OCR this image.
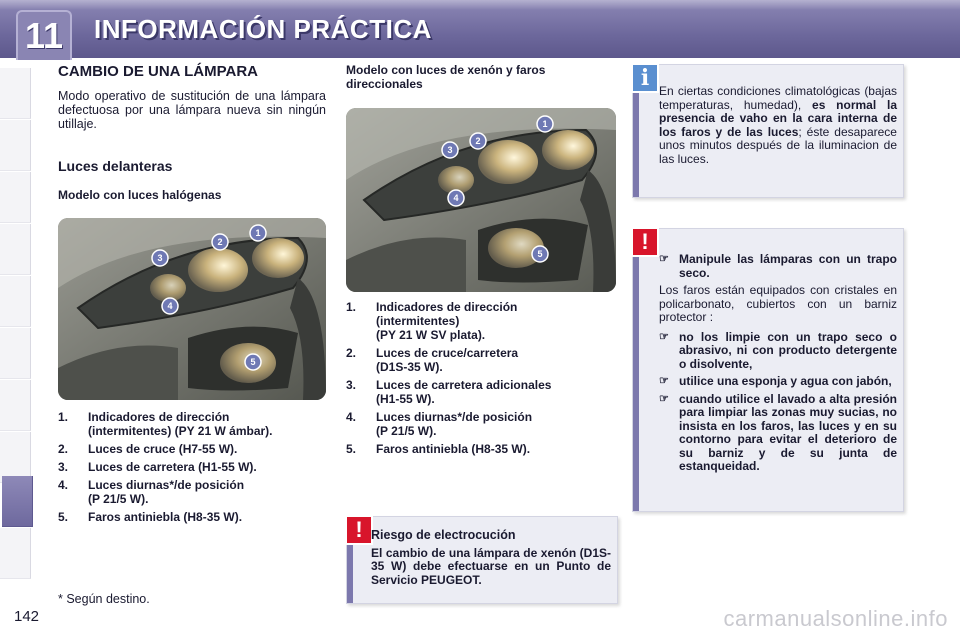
11	INFORMACIÓN PRÁCTICA
CAMBIO DE UNA LÁMPARA
Modo operativo de sustitución de una lámpara defectuosa por una lámpara nueva sin ningún utillaje.
Luces delanteras
Modelo con luces halógenas
1
2
3
4
5
1. Indicadores de dirección
(intermitentes) (PY 21 W ámbar).
2. Luces de cruce (H7-55 W).
3. Luces de carretera (H1-55 W).
4. Luces diurnas*/de posición
(P 21/5 W).
5. Faros antiniebla (H8-35 W).
Modelo con luces de xenón y faros direccionales
1
2
3
4
5
1. Indicadores de dirección
(intermitentes)
(PY 21 W SV plata).
2. Luces de cruce/carretera
(D1S-35 W).
3. Luces de carretera adicionales
(H1-55 W).
4. Luces diurnas*/de posición
(P 21/5 W).
5. Faros antiniebla (H8-35 W).
i En ciertas condiciones climatológicas (bajas temperaturas, humedad), es normal la presencia de vaho en la cara interna de los faros y de las luces; éste desaparece unos minutos después de la iluminacion de las luces.
!
☞ Manipule las lámparas con un trapo seco.
Los faros están equipados con cristales en policarbonato, cubiertos con un barniz protector :
☞ no los limpie con un trapo seco o abrasivo, ni con producto detergente o disolvente,
☞ utilice una esponja y agua con jabón,
☞ cuando utilice el lavado a alta presión para limpiar las zonas muy sucias, no insista en los faros, las luces y en su contorno para evitar el deterioro de su barniz y de su junta de estanqueidad.
! Riesgo de electrocución
El cambio de una lámpara de xenón (D1S-35 W) debe efectuarse en un Punto de Servicio PEUGEOT.
* Según destino.
142	carmanualsonline.info
